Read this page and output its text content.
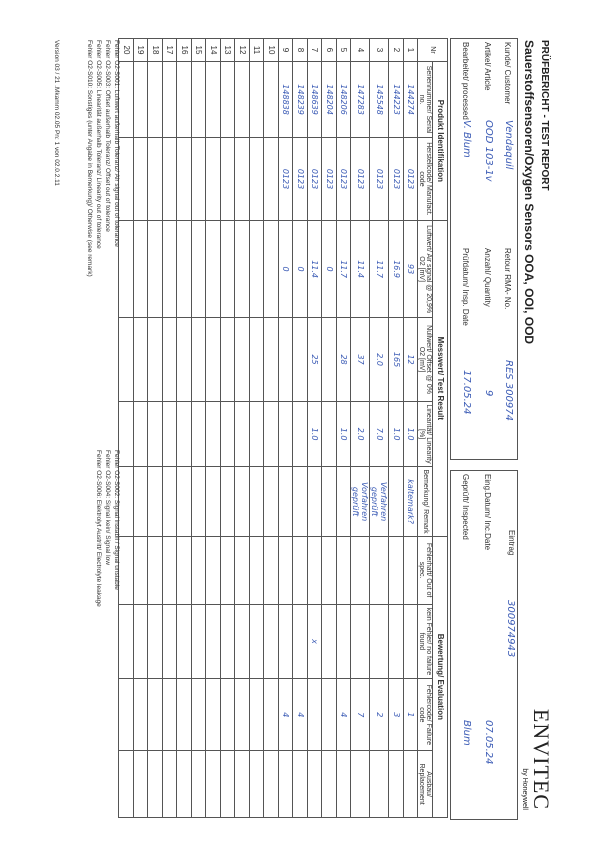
PRÜFBERICHT - TEST REPORT
Sauerstoffsensoren/Oxygen Sensors OOA, OOI, OOD
ENVITEC
by Honeywell
Kunde/ Customer
Vendaquil
Artikel/ Article
OOD 103-1v
Bearbeitet/ processed
V. Blum
Retour RMA- No.
RES 300974
Anzahl/ Quantity
9
Prüfdatum/ Insp. Date
17.05.24
Eintrag
300974943
Eing.Datum/ Inc.Date
07.05.24
Geprüft/ Inspected
Blum
Nr	Produkt Identifikation		Messwert/ Test Result				Bewertung/ Evaluation			
	Seriennummer/ Serial no.	Herstellcode/ Manufact. code	Luftwert/ Air signal @ 20,9% O2 [mV]	Nullwert/ Offset @ 0% O2 [mV]	Linearität/ Linearity [%]	Bemerkung/ Remark	Fehlerhaft/ Out of spec.	kein Fehler/ no failure found	Fehlercode/ Failure code	Ausbau/ Replacement
1	144274	0123	93	12	1.0	kaltemark?			1	
2	144223	0123	16.9	165	1.0				3	
3	145548	0123	11.7	2.0	7.0	Verfahren geprüft			2	
4	147283	0123	11.4	37	2.0	Vorfahren geprüft			7	
5	148206	0123	11.7	28	1.0				4	
6	148204	0123	0							
7	148639	0123	11.4	25	1.0			x		
8	148239	0123	0						4	
9	148838	0123	0						4	
10										
11										
12										
13										
14										
15										
16										
17										
18										
19										
20										
Fehler O2-S001: Luftwert außerhalb Toleranz/ Air signal out of tolerance
Fehler O2-S003: Offset außerhalb Toleranz/ Offset out of tolerance
Fehler O2-S005: Linearität außerhalb Toleranz/ Linearity out of tolerance
Fehler O2-S010: Sonstiges (unter Angabe in Bemerkung)/ Otherwise (see remark)
Fehler O2-S002: Signal instabil / Signal unstable
Fehler O2-S004: Signal kein/ Signal low
Fehler O2-S006: Elektrolyt Austritt/ Electrolyte leakage
Version 03 / 21 .Mkamm 02.05 Pn: 1 von 02.0.2.11
